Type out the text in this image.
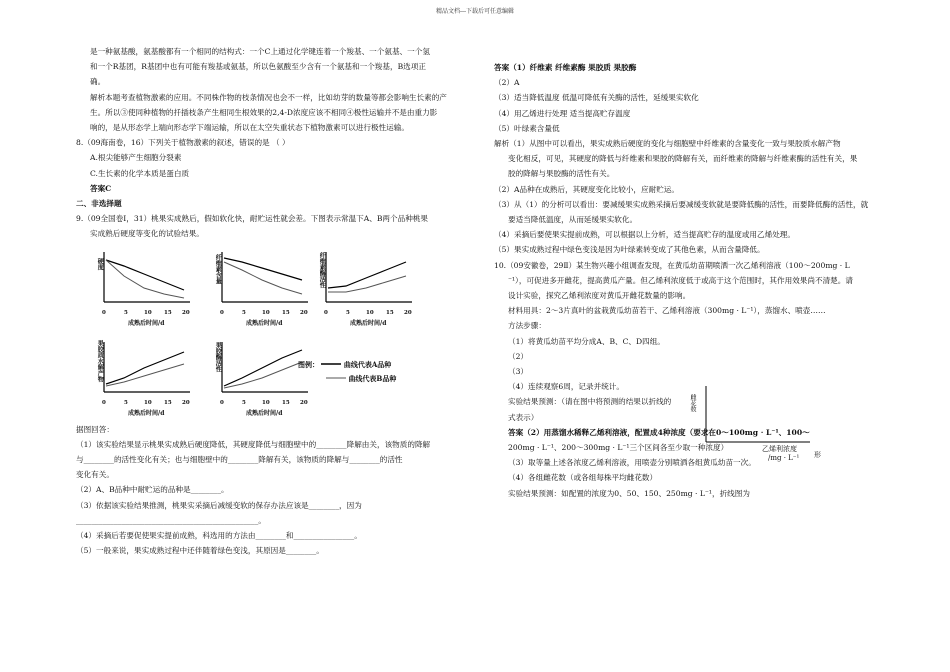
精品文档---下载后可任意编辑

是一种氨基酸，氨基酸都有一个相同的结构式：一个C上通过化学键连着一个羧基、一个氨基、一个氢

和一个R基团，R基团中也有可能有羧基或氨基，所以色氨酸至少含有一个氨基和一个羧基，B选项正

确。

解析本题考查植物激素的应用。不同株作物的枝条情况也会不一样，比如幼芽的数量等都会影响生长素的产

生。所以③使同种植物的扦插枝条产生相同生根效果的2,4-D浓度应该不相同④极性运输并不是由重力影

响的，是从形态学上端向形态学下端运输，所以在太空失重状态下植物激素可以进行极性运输。

8.（09海南卷，16）下列关于植物激素的叙述，错误的是 （ ）

A.根尖能够产生细胞分裂素

C.生长素的化学本质是蛋白质

答案C

二、非选择题

9.（09全国卷Ⅰ，31）桃果实成熟后，假如软化快，耐贮运性就会差。下图表示常温下A、B两个品种桃果

实成熟后硬度等变化的试验结果。

硬度	纤维素含量	纤维素酶活性
果胶质水解产物	果胶酶活性
成熟后时间/d	成熟后时间/d	成熟后时间/d
成熟后时间/d	成熟后时间/d
0	5	10 15 20	0	5	10 15 20	0	5	10 15 20
0	5	10 15 20	0	5	10 15 20
图例：	曲线代表A品种
曲线代表B品种

据图回答：

（1）该实验结果显示桃果实成熟后硬度降低，其硬度降低与细胞壁中的________降解由关，该物质的降解

与________的活性变化有关；也与细胞壁中的________降解有关，该物质的降解与________的活性

变化有关。

（2）A、B品种中耐贮运的品种是________。

（3）依据该实验结果推测，桃果实采摘后减缓变软的保存办法应该是________，因为

________________________________________________。

（4）采摘后若要促使果实提前成熟，科选用的方法由________和________________。

（5）一般来说，果实成熟过程中还伴随着绿色变浅，其原因是________。

答案（1）纤维素 纤维素酶 果胶质 果胶酶

（2）A

（3）适当降低温度 低温可降低有关酶的活性，延缓果实软化

（4）用乙烯进行处理 适当提高贮存温度

（5）叶绿素含量低

解析（1）从图中可以看出，果实成熟后硬度的变化与细胞壁中纤维素的含量变化一致与果胶质水解产物

变化相反，可见，其硬度的降低与纤维素和果胶的降解有关，而纤维素的降解与纤维素酶的活性有关，果

胶的降解与果胶酶的活性有关。

（2）A品种在成熟后，其硬度变化比较小，应耐贮运。

（3）从（1）的分析可以看出：要减缓果实成熟采摘后要减缓变软就是要降低酶的活性，而要降低酶的活性，就

要适当降低温度，从而延缓果实软化。

（4）采摘后要使果实提前成熟，可以根据以上分析，适当提高贮存的温度或用乙烯处理。

（5）果实成熟过程中绿色变浅是因为叶绿素转变成了其他色素，从而含量降低。

10.（09安徽卷，29Ⅱ）某生物兴趣小组调查发现，在黄瓜幼苗期喷洒一次乙烯利溶液（100～200mg · L

⁻¹），可促进多开雌花，提高黄瓜产量。但乙烯利浓度低于或高于这个范围时，其作用效果尚不清楚。请

设计实验，探究乙烯利浓度对黄瓜开雌花数量的影响。

材料用具：2～3片真叶的盆栽黄瓜幼苗若干、乙烯利溶液（300mg · L⁻¹），蒸馏水、喷壶……

方法步骤：

（1）将黄瓜幼苗平均分成A、B、C、D四组。

（2）

（3）

（4）连续观察6周，记录并统计。

实验结果预测：（请在图中将预测的结果以折线的

式表示）

答案（2）用蒸馏水稀释乙烯利溶液，配置成4种浓度（要求在0～100mg · L⁻¹、100～

200mg · L⁻¹、200～300mg · L⁻¹三个区间各至少取一种浓度）

（3）取等量上述各浓度乙烯利溶液，用喷壶分别喷洒各组黄瓜幼苗一次。

（4）各组雌花数（或各组每株平均雌花数）

实验结果预测：如配置的浓度为0、50、150、250mg · L⁻¹，折线图为

雌花数
乙烯利浓度
/mg · L⁻¹ 形
